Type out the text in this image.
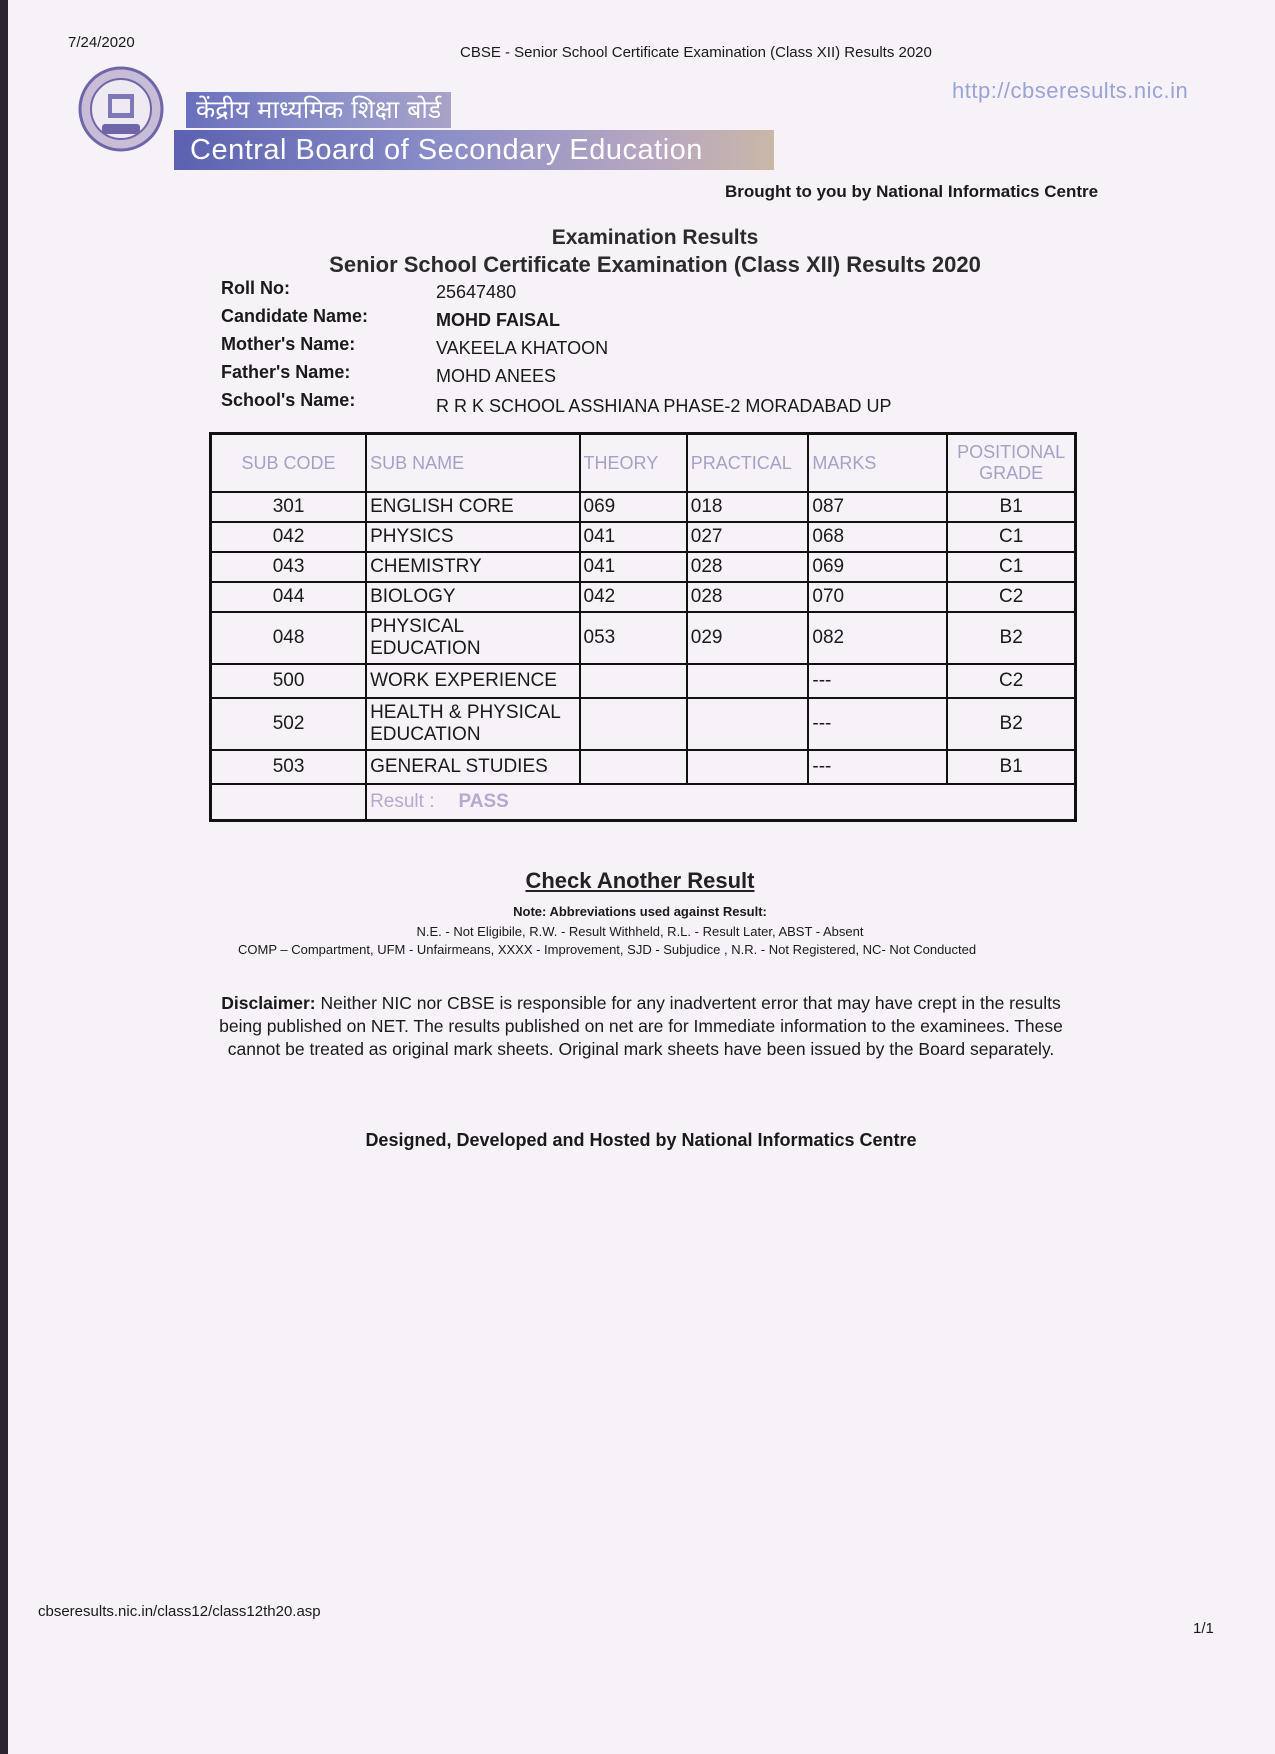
7/24/2020
CBSE - Senior School Certificate Examination (Class XII) Results 2020
http://cbseresults.nic.in
केंद्रीय माध्यमिक शिक्षा बोर्ड
Central Board of Secondary Education
Brought to you by National Informatics Centre
Examination Results
Senior School Certificate Examination (Class XII) Results 2020
Roll No:	25647480
Candidate Name:	MOHD FAISAL
Mother's Name:	VAKEELA KHATOON
Father's Name:	MOHD ANEES
School's Name:	R R K SCHOOL ASSHIANA PHASE-2 MORADABAD UP
SUB CODE	SUB NAME	THEORY	PRACTICAL	MARKS	POSITIONAL GRADE
301	ENGLISH CORE	069	018	087	B1
042	PHYSICS	041	027	068	C1
043	CHEMISTRY	041	028	069	C1
044	BIOLOGY	042	028	070	C2
048	PHYSICAL EDUCATION	053	029	082	B2
500	WORK EXPERIENCE			---	C2
502	HEALTH & PHYSICAL EDUCATION			---	B2
503	GENERAL STUDIES			---	B1
	Result : PASS				
Check Another Result
Note: Abbreviations used against Result:
N.E. - Not Eligibile, R.W. - Result Withheld, R.L. - Result Later, ABST - Absent
COMP – Compartment, UFM - Unfairmeans, XXXX - Improvement, SJD - Subjudice , N.R. - Not Registered, NC- Not Conducted
Disclaimer: Neither NIC nor CBSE is responsible for any inadvertent error that may have crept in the results being published on NET. The results published on net are for Immediate information to the examinees. These cannot be treated as original mark sheets. Original mark sheets have been issued by the Board separately.
Designed, Developed and Hosted by National Informatics Centre
cbseresults.nic.in/class12/class12th20.asp
1/1
